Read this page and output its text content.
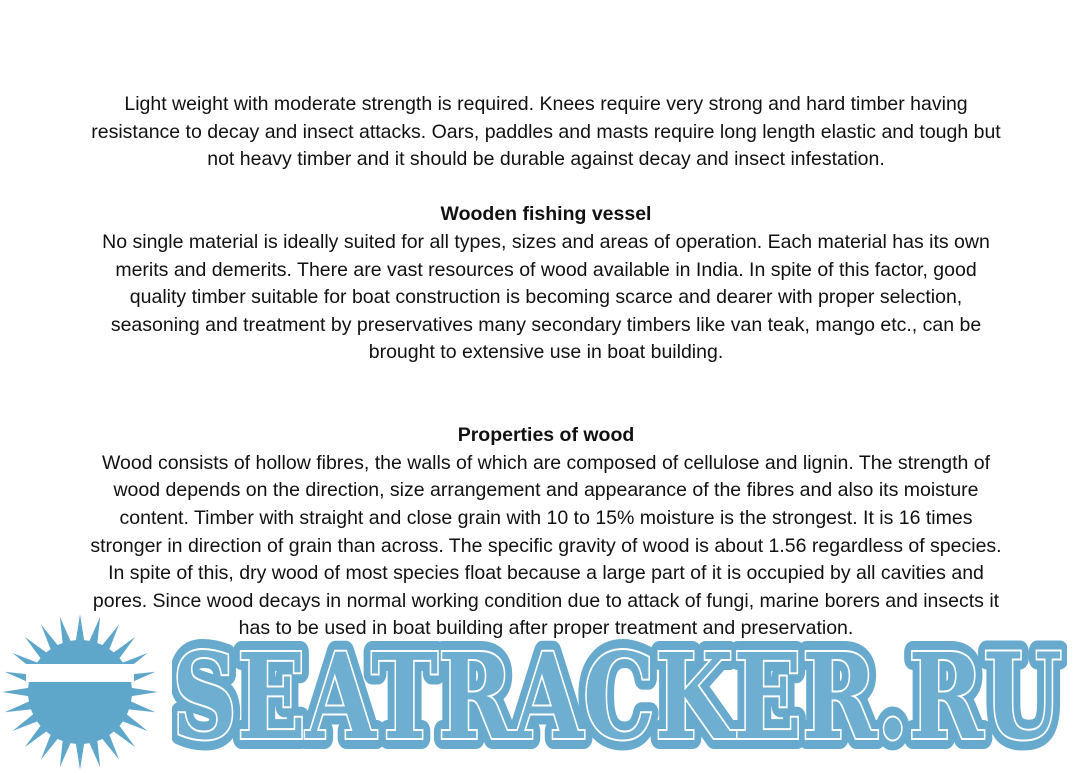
Light weight with moderate strength is required. Knees require very strong and hard timber having resistance to decay and insect attacks. Oars, paddles and masts require long length elastic and tough but not heavy timber and it should be durable against decay and insect infestation.

Wooden fishing vessel

No single material is ideally suited for all types, sizes and areas of operation. Each material has its own merits and demerits. There are vast resources of wood available in India. In spite of this factor, good quality timber suitable for boat construction is becoming scarce and dearer with proper selection, seasoning and treatment by preservatives many secondary timbers like van teak, mango etc., can be brought to extensive use in boat building.

Properties of wood

Wood consists of hollow fibres, the walls of which are composed of cellulose and lignin. The strength of wood depends on the direction, size arrangement and appearance of the fibres and also its moisture content. Timber with straight and close grain with 10 to 15% moisture is the strongest. It is 16 times stronger in direction of grain than across. The specific gravity of wood is about 1.56 regardless of species. In spite of this, dry wood of most species float because a large part of it is occupied by all cavities and pores. Since wood decays in normal working condition due to attack of fungi, marine borers and insects it has to be used in boat building after proper treatment and preservation.

SEATRACKER.RU
SEATRACKER.RU
SEATRACKER.RU
